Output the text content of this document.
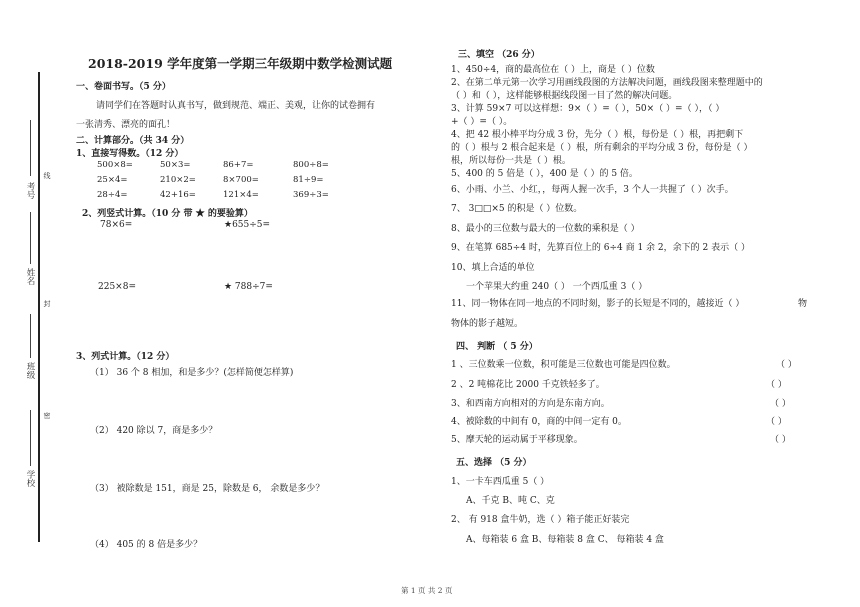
考号
线
姓名
封
班级
密
学校
2018-2019 学年度第一学期三年级期中数学检测试题
一、卷面书写。（5 分）
请同学们在答题时认真书写，做到规范、端正、美观，让你的试卷拥有
一张清秀、漂亮的面孔！
二、计算部分。（共 34 分）
1、直接写得数。（12 分）
500×8=	50×3=	86+7=	800÷8=
25×4=	210×2=	8×700=	81÷9=
28÷4=	42+16=	121×4=	369÷3=
2、列竖式计算。（10 分 带 ★ 的要验算）
78×6=	★655÷5=
225×8=	★ 788÷7=
3、列式计算。（12 分）
（1） 36 个 8 相加，和是多少？(怎样简便怎样算)
（2） 420 除以 7，商是多少？
（3） 被除数是 151，商是 25，除数是 6， 余数是多少？
（4） 405 的 8 倍是多少？
三、填空 （26 分）
1、450÷4，商的最高位在（ ）上，商是（ ）位数
2、在第二单元第一次学习用画线段图的方法解决问题，画线段图来整理题中的
（ ）和（ ），这样能够根据线段图一目了然的解决问题。
3、计算 59×7 可以这样想：9×（ ）=（ ），50×（ ）=（ ），（ ）
+（ ）=（ ）。
4、把 42 根小棒平均分成 3 份，先分（ ）根，每份是（ ）根，再把剩下
的（ ）根与 2 根合起来是（ ）根，所有剩余的平均分成 3 份，每份是（ ）
根，所以每份一共是（ ）根。
5、400 的 5 倍是（ ），400 是（ ）的 5 倍。
6、小雨、小兰、小红，，每两人握一次手，3 个人一共握了（ ）次手。
7、 3□□×5 的积是（ ）位数。
8、最小的三位数与最大的一位数的乘积是（ ）
9、在笔算 685÷4 时，先算百位上的 6÷4 商 1 余 2，余下的 2 表示（ ）
10、填上合适的单位
一个苹果大约重 240（ ） 一个西瓜重 3（ ）
11、同一物体在同一地点的不同时刻，影子的长短是不同的，越接近（ ）	物
物体的影子越短。
四、 判断 （ 5 分）
1 、三位数乘一位数，积可能是三位数也可能是四位数。	（ ）
2 、2 吨棉花比 2000 千克铁轻多了。	（ ）
3、和西南方向相对的方向是东南方向。	（ ）
4、被除数的中间有 0，商的中间一定有 0。	（ ）
5、摩天轮的运动属于平移现象。	（ ）
五、选择 （5 分）
1、一卡车西瓜重 5（ ）
A、千克 B、吨 C、克
2、 有 918 盒牛奶，选（ ）箱子能正好装完
A、每箱装 6 盒 B、每箱装 8 盒 C、 每箱装 4 盒
第 1 页 共 2 页
